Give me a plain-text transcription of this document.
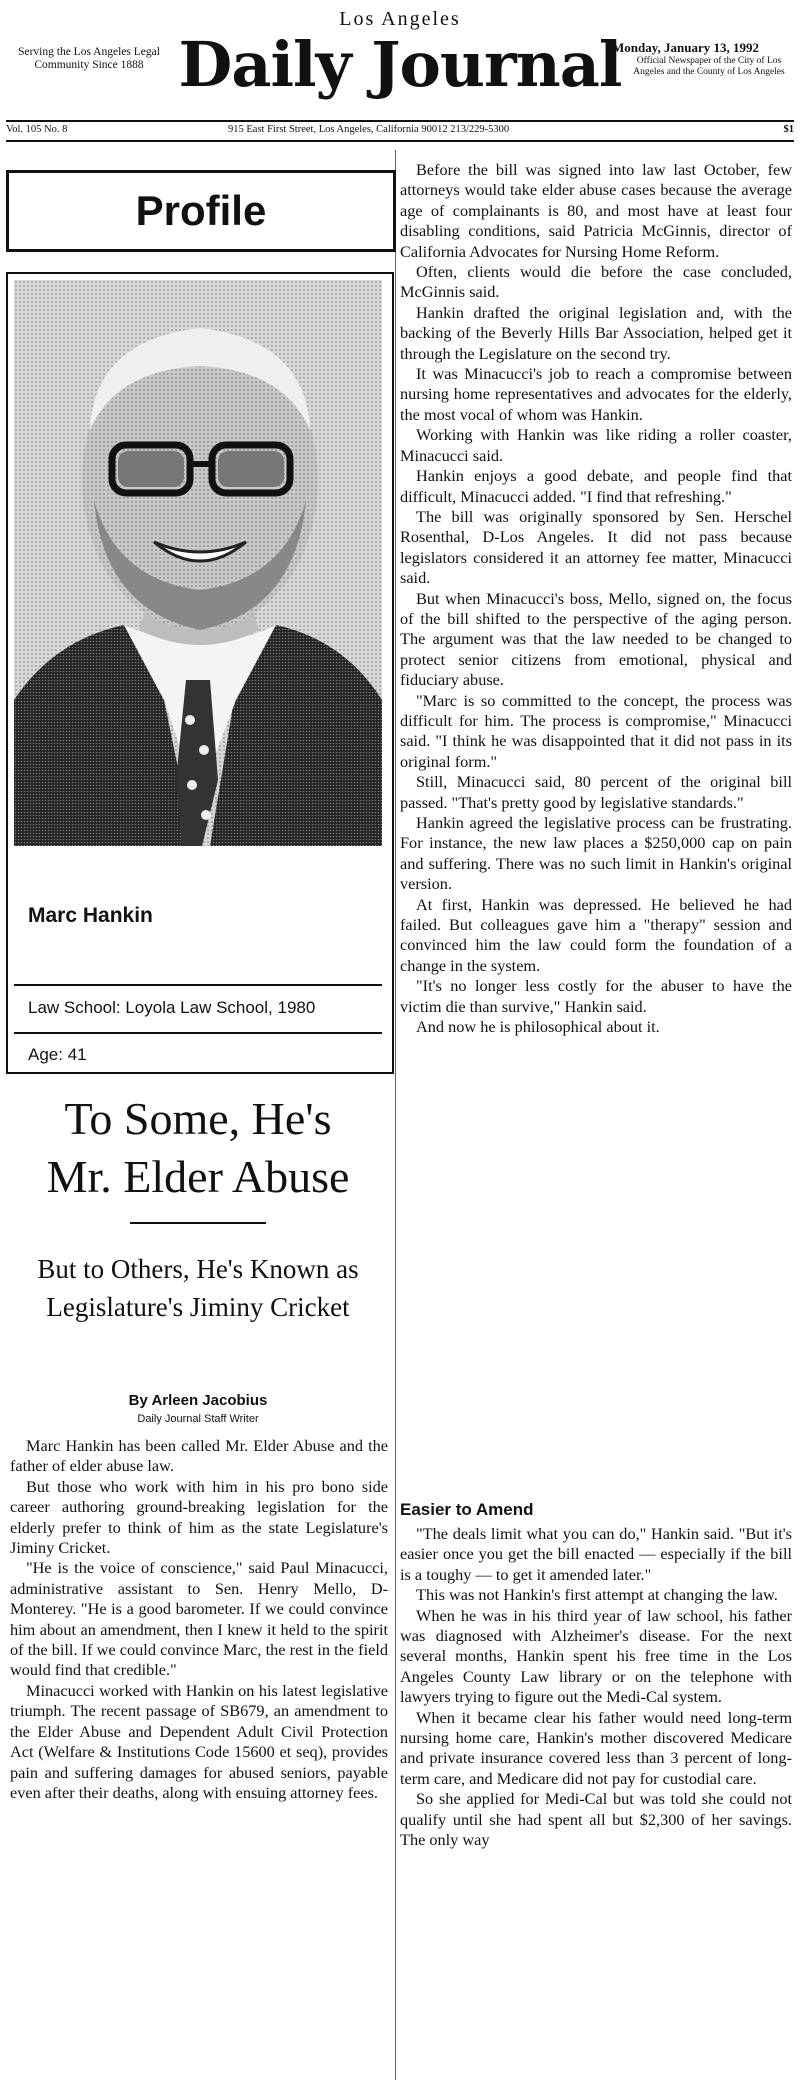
Los Angeles
Daily Journal
Serving the Los Angeles Legal Community Since 1888
Monday, January 13, 1992
Official Newspaper of the City of Los Angeles and the County of Los Angeles
Vol. 105 No. 8	915 East First Street, Los Angeles, California 90012 213/229-5300	$1
Profile
Marc Hankin
Law School: Loyola Law School, 1980
Age: 41
To Some, He's
Mr. Elder Abuse
But to Others, He's Known as
Legislature's Jiminy Cricket
By Arleen Jacobius
Daily Journal Staff Writer

Marc Hankin has been called Mr. Elder Abuse and the father of elder abuse law.

But those who work with him in his pro bono side career authoring ground-breaking legislation for the elderly prefer to think of him as the state Legislature's Jiminy Cricket.

"He is the voice of conscience," said Paul Minacucci, administrative assistant to Sen. Henry Mello, D-Monterey. "He is a good barometer. If we could convince him about an amendment, then I knew it held to the spirit of the bill. If we could convince Marc, the rest in the field would find that credible."

Minacucci worked with Hankin on his latest legislative triumph. The recent passage of SB679, an amendment to the Elder Abuse and Dependent Adult Civil Protection Act (Welfare & Institutions Code 15600 et seq), provides pain and suffering damages for abused seniors, payable even after their deaths, along with ensuing attorney fees.

Before the bill was signed into law last October, few attorneys would take elder abuse cases because the average age of complainants is 80, and most have at least four disabling conditions, said Patricia McGinnis, director of California Advocates for Nursing Home Reform.

Often, clients would die before the case concluded, McGinnis said.

Hankin drafted the original legislation and, with the backing of the Beverly Hills Bar Association, helped get it through the Legislature on the second try.

It was Minacucci's job to reach a compromise between nursing home representatives and advocates for the elderly, the most vocal of whom was Hankin.

Working with Hankin was like riding a roller coaster, Minacucci said.

Hankin enjoys a good debate, and people find that difficult, Minacucci added. "I find that refreshing."

The bill was originally sponsored by Sen. Herschel Rosenthal, D-Los Angeles. It did not pass because legislators considered it an attorney fee matter, Minacucci said.

But when Minacucci's boss, Mello, signed on, the focus of the bill shifted to the perspective of the aging person. The argument was that the law needed to be changed to protect senior citizens from emotional, physical and fiduciary abuse.

"Marc is so committed to the concept, the process was difficult for him. The process is compromise," Minacucci said. "I think he was disappointed that it did not pass in its original form."

Still, Minacucci said, 80 percent of the original bill passed. "That's pretty good by legislative standards."

Hankin agreed the legislative process can be frustrating. For instance, the new law places a $250,000 cap on pain and suffering. There was no such limit in Hankin's original version.

At first, Hankin was depressed. He believed he had failed. But colleagues gave him a "therapy" session and convinced him the law could form the foundation of a change in the system.

"It's no longer less costly for the abuser to have the victim die than survive," Hankin said.

And now he is philosophical about it.

Easier to Amend

"The deals limit what you can do," Hankin said. "But it's easier once you get the bill enacted — especially if the bill is a toughy — to get it amended later."

This was not Hankin's first attempt at changing the law.

When he was in his third year of law school, his father was diagnosed with Alzheimer's disease. For the next several months, Hankin spent his free time in the Los Angeles County Law library or on the telephone with lawyers trying to figure out the Medi-Cal system.

When it became clear his father would need long-term nursing home care, Hankin's mother discovered Medicare and private insurance covered less than 3 percent of long-term care, and Medicare did not pay for custodial care.

So she applied for Medi-Cal but was told she could not qualify until she had spent all but $2,300 of her savings. The only way
